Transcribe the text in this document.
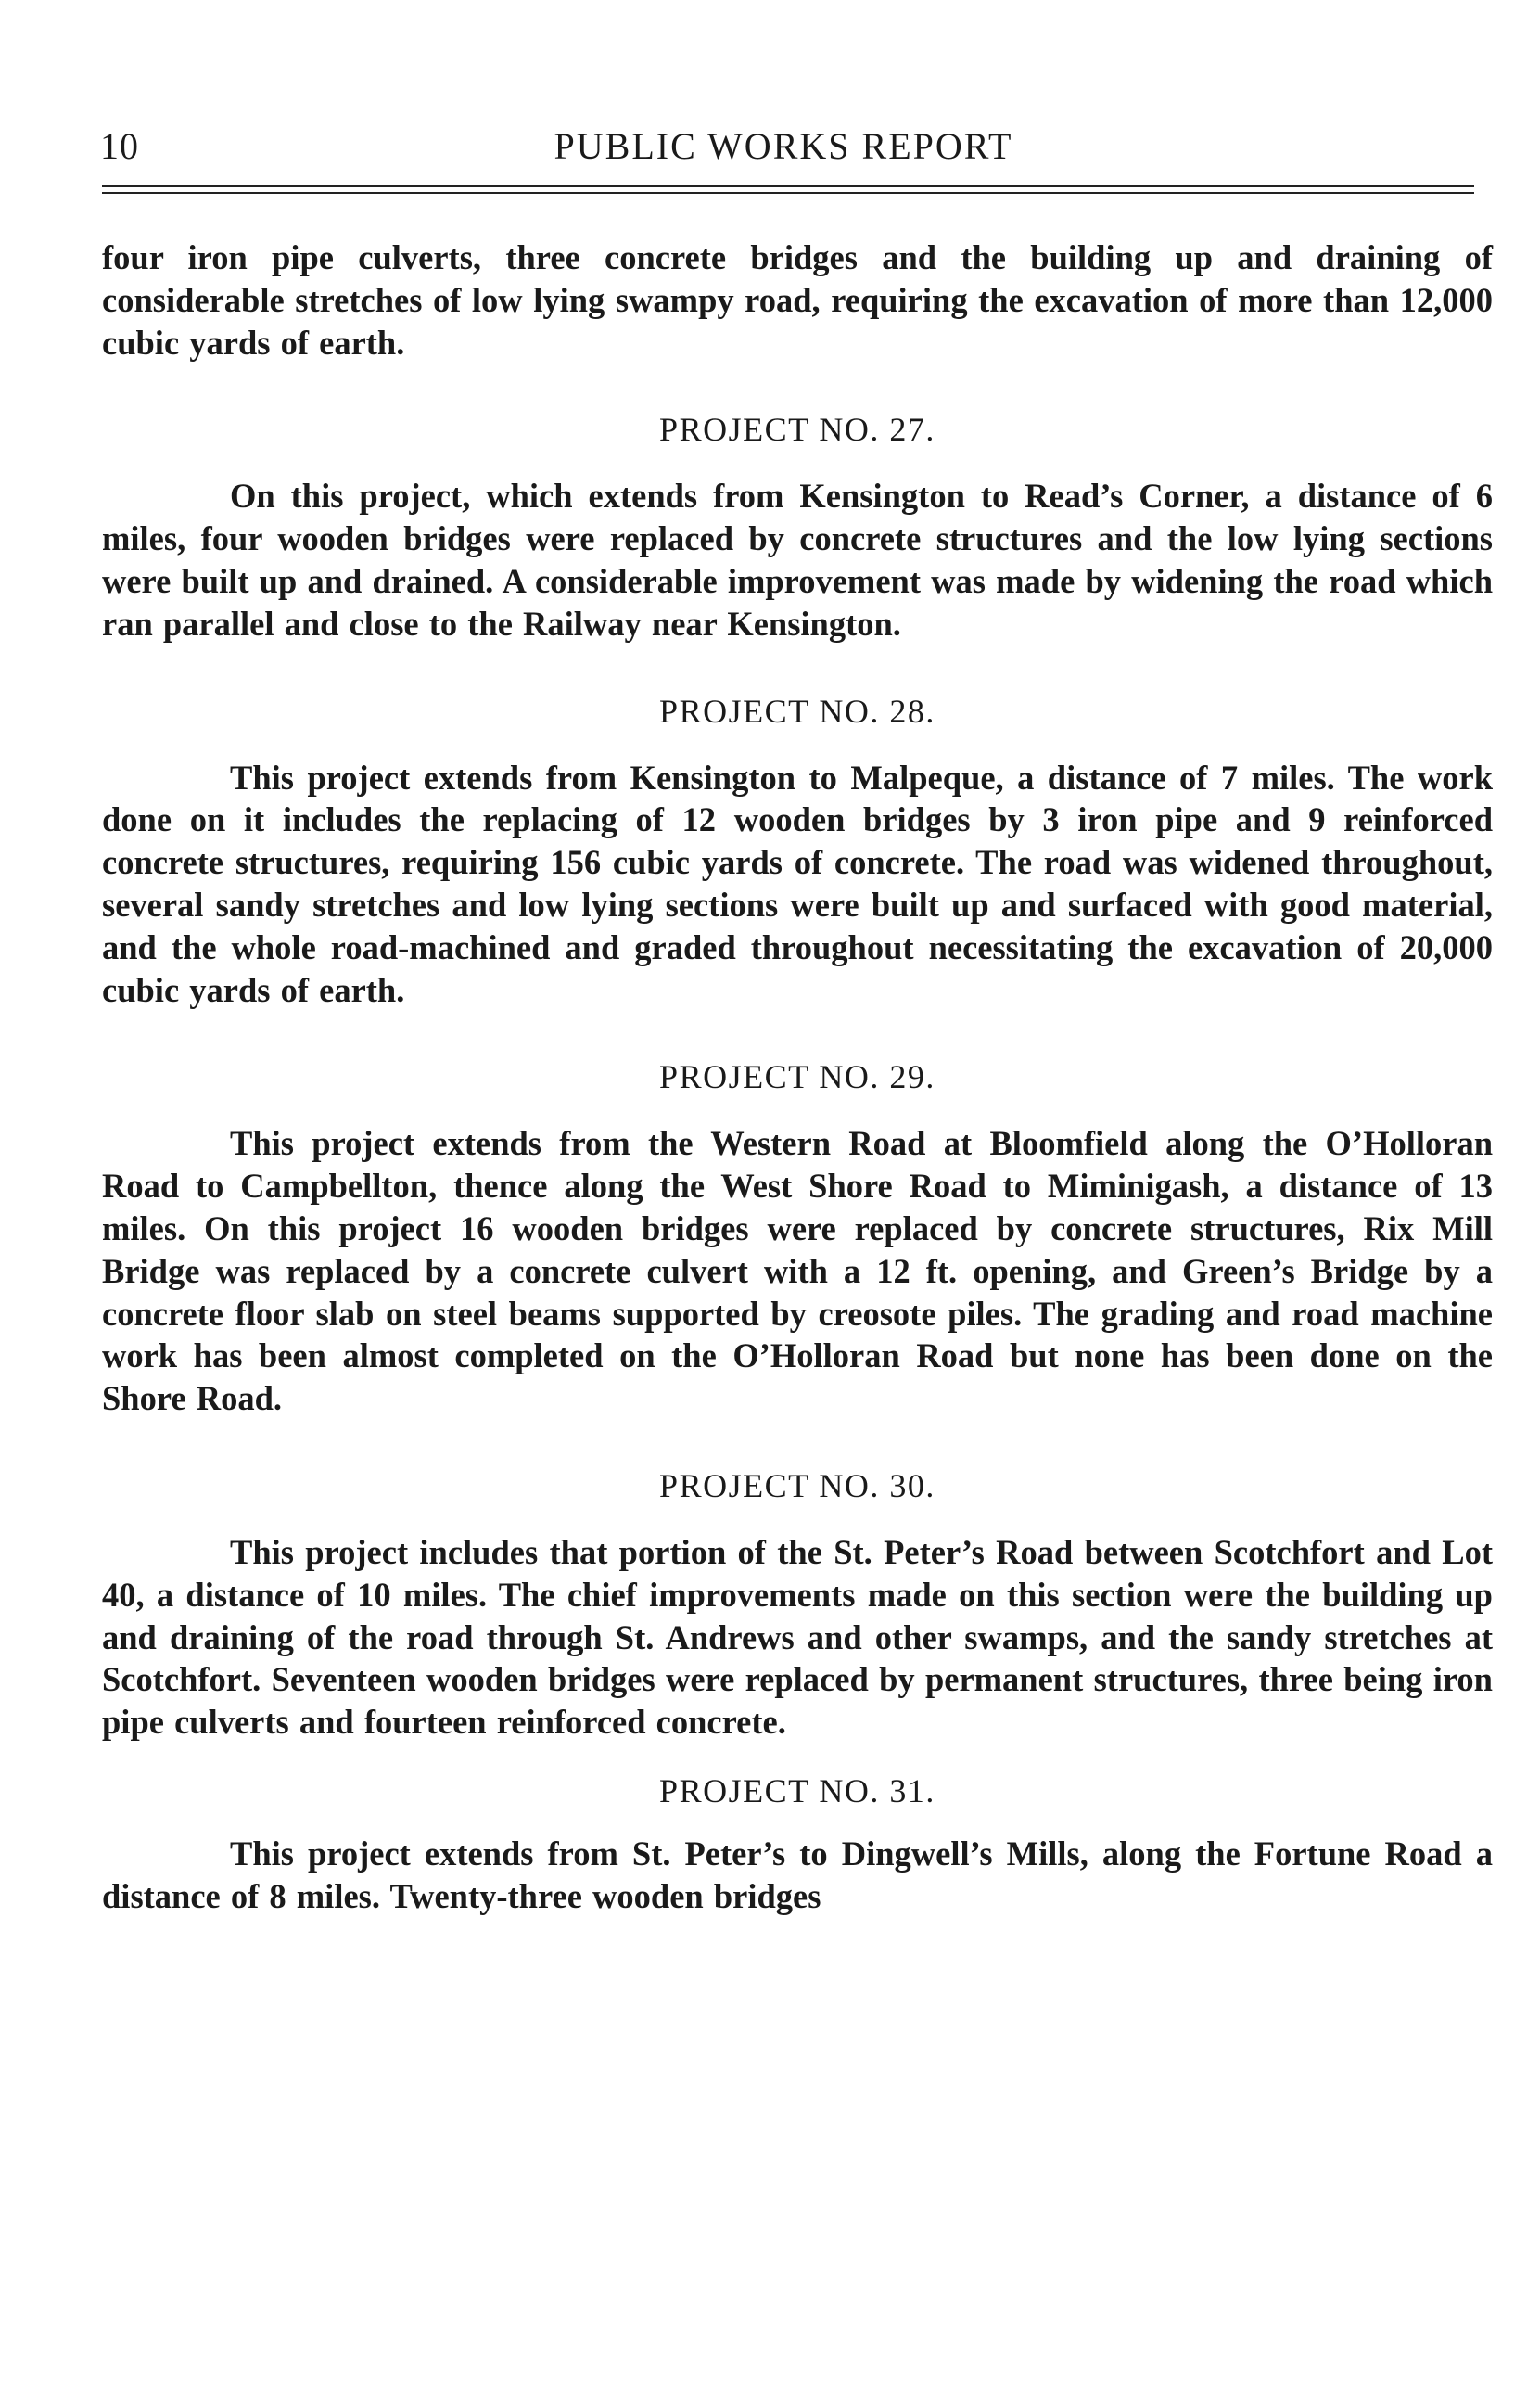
10	PUBLIC WORKS REPORT

four iron pipe culverts, three concrete bridges and the building up and draining of considerable stretches of low lying swampy road, requiring the excavation of more than 12,000 cubic yards of earth.

PROJECT NO. 27.

On this project, which extends from Kensington to Read’s Corner, a distance of 6 miles, four wooden bridges were replaced by concrete structures and the low lying sections were built up and drained. A considerable improvement was made by widening the road which ran parallel and close to the Railway near Kensington.

PROJECT NO. 28.

This project extends from Kensington to Malpeque, a distance of 7 miles. The work done on it includes the replacing of 12 wooden bridges by 3 iron pipe and 9 reinforced concrete structures, requiring 156 cubic yards of concrete. The road was widened throughout, several sandy stretches and low lying sections were built up and surfaced with good material, and the whole road-machined and graded throughout necessitating the excavation of 20,000 cubic yards of earth.

PROJECT NO. 29.

This project extends from the Western Road at Bloomfield along the O’Holloran Road to Campbellton, thence along the West Shore Road to Miminigash, a distance of 13 miles. On this project 16 wooden bridges were replaced by concrete structures, Rix Mill Bridge was replaced by a concrete culvert with a 12 ft. opening, and Green’s Bridge by a concrete floor slab on steel beams supported by creosote piles. The grading and road machine work has been almost completed on the O’Holloran Road but none has been done on the Shore Road.

PROJECT NO. 30.

This project includes that portion of the St. Peter’s Road between Scotchfort and Lot 40, a distance of 10 miles. The chief improvements made on this section were the building up and draining of the road through St. Andrews and other swamps, and the sandy stretches at Scotchfort. Seventeen wooden bridges were replaced by permanent structures, three being iron pipe culverts and fourteen reinforced concrete.

PROJECT NO. 31.

This project extends from St. Peter’s to Dingwell’s Mills, along the Fortune Road a distance of 8 miles. Twenty-three wooden bridges
